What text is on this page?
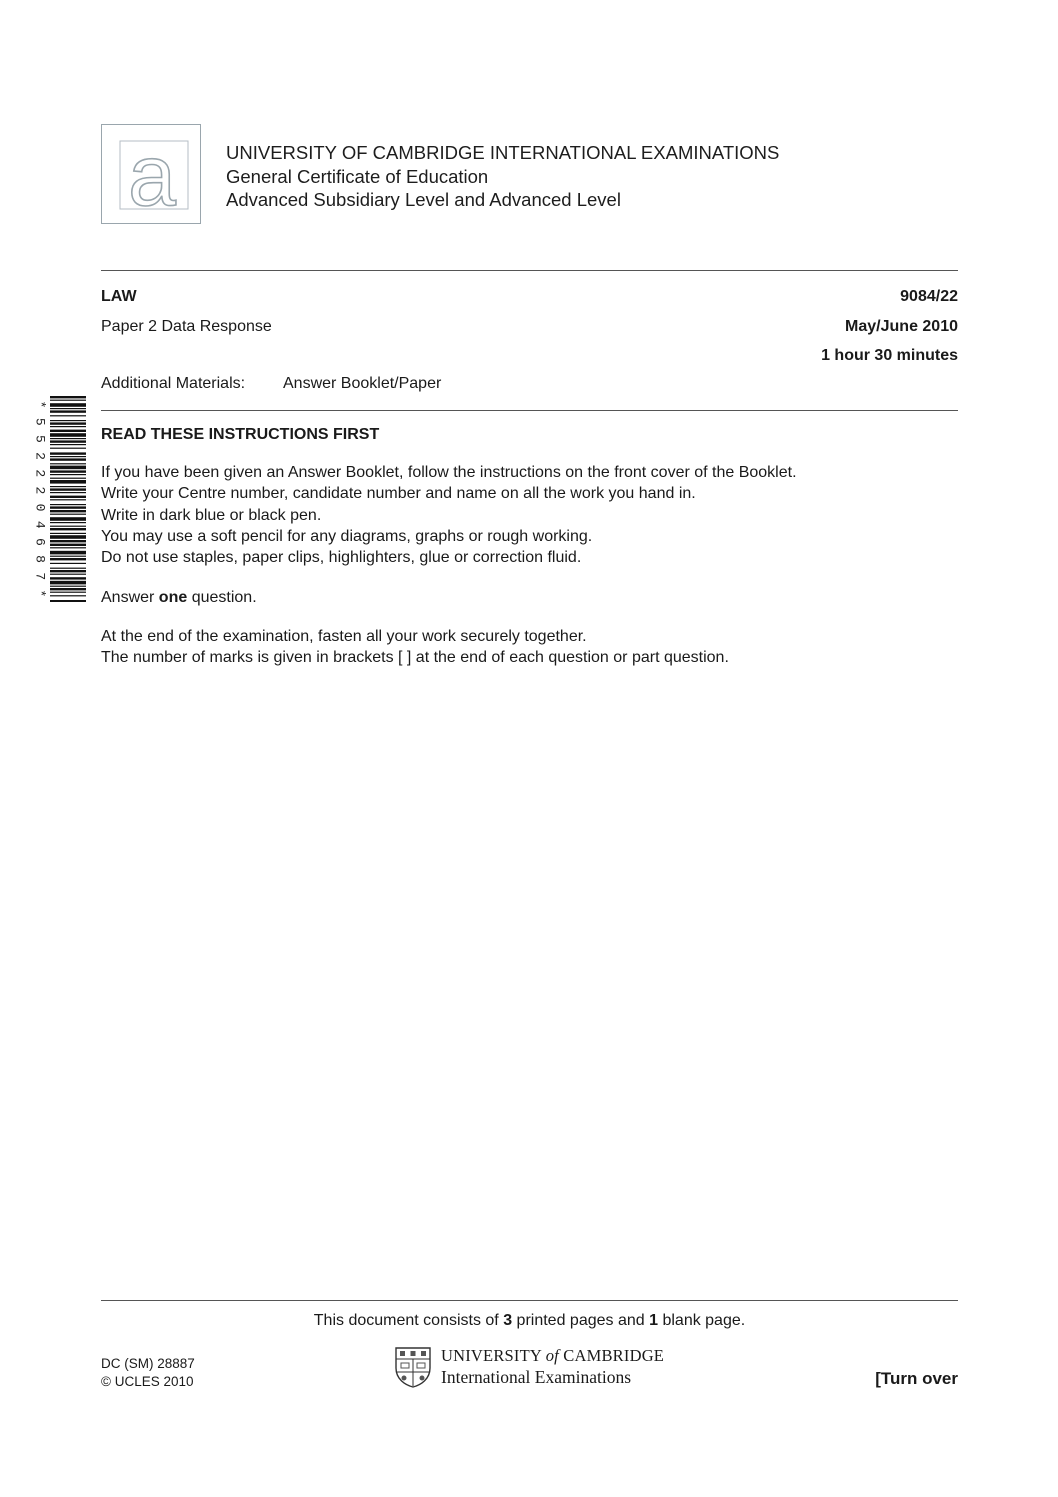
a	UNIVERSITY OF CAMBRIDGE INTERNATIONAL EXAMINATIONS
General Certificate of Education
Advanced Subsidiary Level and Advanced Level
LAW	9084/22
Paper 2 Data Response	May/June 2010
1 hour 30 minutes
Additional Materials: Answer Booklet/Paper
*
5
5
2
2
2
0
4
6
8
7
*
READ THESE INSTRUCTIONS FIRST
If you have been given an Answer Booklet, follow the instructions on the front cover of the Booklet.
Write your Centre number, candidate number and name on all the work you hand in.
Write in dark blue or black pen.
You may use a soft pencil for any diagrams, graphs or rough working.
Do not use staples, paper clips, highlighters, glue or correction fluid.
Answer one question.
At the end of the examination, fasten all your work securely together.
The number of marks is given in brackets [ ] at the end of each question or part question.
This document consists of 3 printed pages and 1 blank page.
DC (SM) 28887
© UCLES 2010
UNIVERSITY of CAMBRIDGE
International Examinations	[Turn over
